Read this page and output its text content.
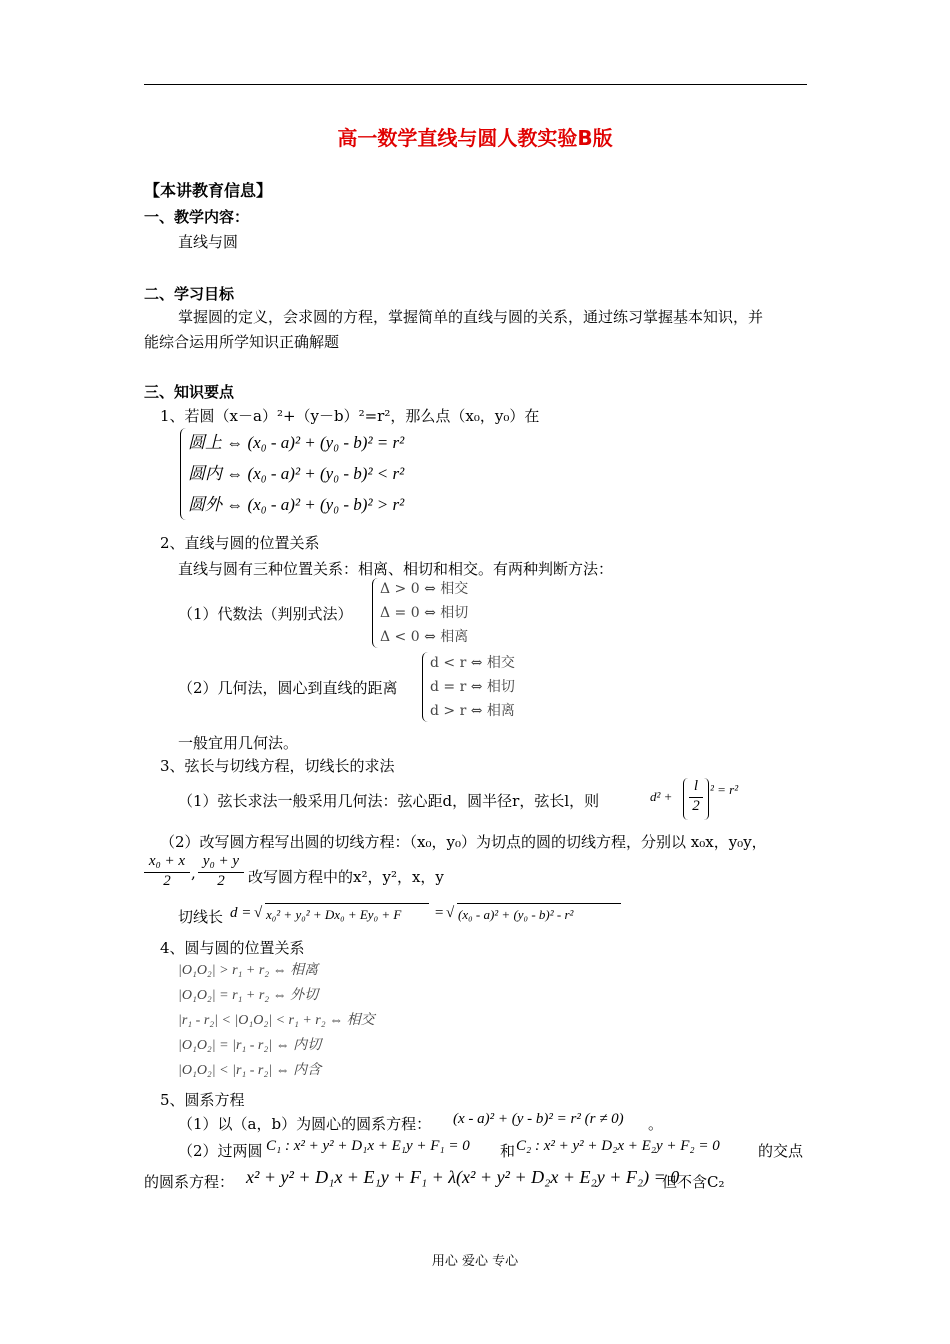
高一数学直线与圆人教实验B版
【本讲教育信息】
一、教学内容：
直线与圆
二、学习目标
掌握圆的定义，会求圆的方程，掌握简单的直线与圆的关系，通过练习掌握基本知识，并
能综合运用所学知识正确解题
三、知识要点
1、若圆（x－a）²+（y－b）²=r²，那么点（x₀，y₀）在
圆上 ⇔ (x₀ - a)² + (y₀ - b)² = r²
圆内 ⇔ (x₀ - a)² + (y₀ - b)² < r²
圆外 ⇔ (x₀ - a)² + (y₀ - b)² > r²
2、直线与圆的位置关系
直线与圆有三种位置关系：相离、相切和相交。有两种判断方法：
（1）代数法（判别式法）
Δ > 0 ⇔ 相交
Δ = 0 ⇔ 相切
Δ < 0 ⇔ 相离
（2）几何法，圆心到直线的距离
d < r ⇔ 相交
d = r ⇔ 相切
d > r ⇔ 相离
一般宜用几何法。
3、弦长与切线方程，切线长的求法
（1）弦长求法一般采用几何法：弦心距d，圆半径r，弦长l，则	$d^2 + \frac{l}{2} ^2 = r^2$
（2）改写圆方程写出圆的切线方程：（x₀，y₀）为切点的圆的切线方程，分别以 x₀x，y₀y，
$\frac{\text{x₀ + x}}{2}$ , $\frac{\text{y₀ + y}}{2}$ 改写圆方程中的x²，y²，x，y
切线长 d = √ x₀² + y₀² + Dx₀ + Ey₀ + F = √ (x₀ - a)² + (y₀ - b)² - r²
4、圆与圆的位置关系
|O₁O₂| > r₁ + r₂ ⇔ 相离
|O₁O₂| = r₁ + r₂ ⇔ 外切
|r₁ - r₂| < |O₁O₂| < r₁ + r₂ ⇔ 相交
|O₁O₂| = |r₁ - r₂| ⇔ 内切
|O₁O₂| < |r₁ - r₂| ⇔ 内含
5、圆系方程
（1）以（a，b）为圆心的圆系方程： (x - a)² + (y - b)² = r² (r ≠ 0) 。
（2）过两圆 C₁ : x² + y² + D₁x + E₁y + F₁ = 0 和 C₂ : x² + y² + D₂x + E₂y + F₂ = 0	的交点
的圆系方程： x² + y² + D₁x + E₁y + F₁ + λ(x² + y² + D₂x + E₂y + F₂) = 0
但不含C₂
用心 爱心 专心
